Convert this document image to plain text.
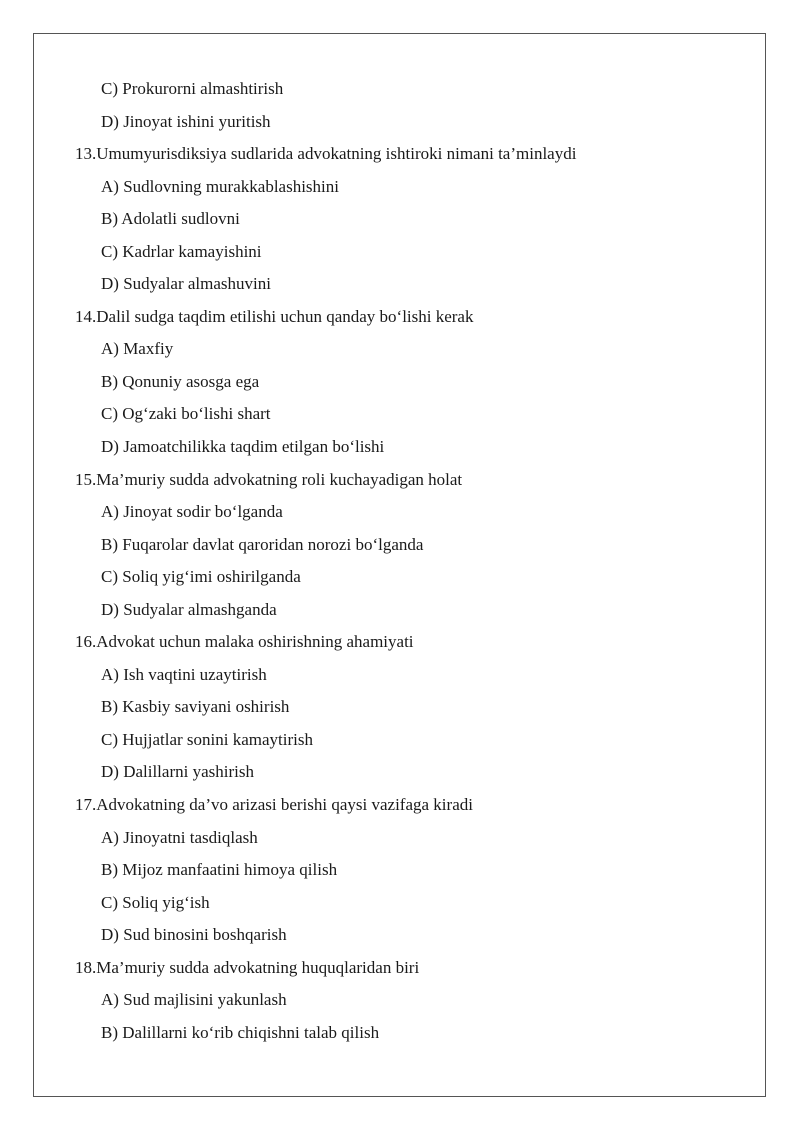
C) Prokurorni almashtirish
D) Jinoyat ishini yuritish
13. Umumyurisdiksiya sudlarida advokatning ishtiroki nimani ta’minlaydi
A) Sudlovning murakkablashishini
B) Adolatli sudlovni
C) Kadrlar kamayishini
D) Sudyalar almashuvini
14. Dalil sudga taqdim etilishi uchun qanday bo‘lishi kerak
A) Maxfiy
B) Qonuniy asosga ega
C) Og‘zaki bo‘lishi shart
D) Jamoatchilikka taqdim etilgan bo‘lishi
15. Ma’muriy sudda advokatning roli kuchayadigan holat
A) Jinoyat sodir bo‘lganda
B) Fuqarolar davlat qaroridan norozi bo‘lganda
C) Soliq yig‘imi oshirilganda
D) Sudyalar almashganda
16. Advokat uchun malaka oshirishning ahamiyati
A) Ish vaqtini uzaytirish
B) Kasbiy saviyani oshirish
C) Hujjatlar sonini kamaytirish
D) Dalillarni yashirish
17. Advokatning da’vo arizasi berishi qaysi vazifaga kiradi
A) Jinoyatni tasdiqlash
B) Mijoz manfaatini himoya qilish
C) Soliq yig‘ish
D) Sud binosini boshqarish
18. Ma’muriy sudda advokatning huquqlaridan biri
A) Sud majlisini yakunlash
B) Dalillarni ko‘rib chiqishni talab qilish
